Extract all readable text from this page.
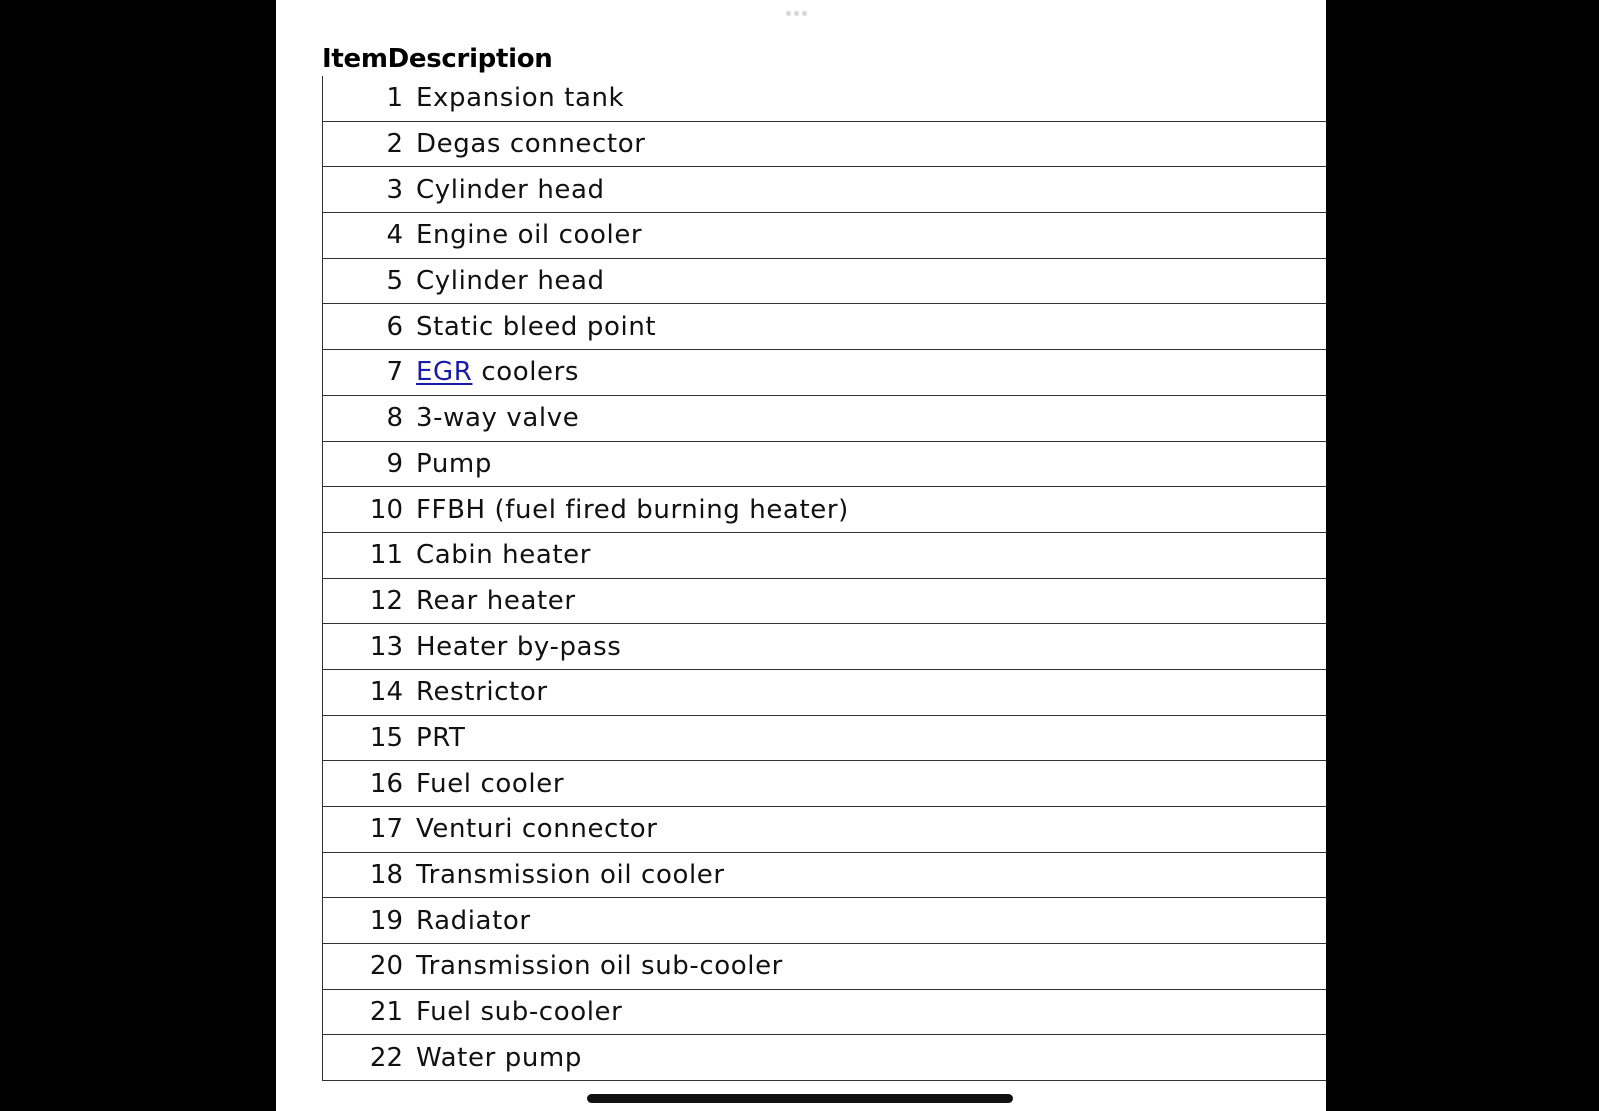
Item Description
1	Expansion tank
2	Degas connector
3	Cylinder head
4	Engine oil cooler
5	Cylinder head
6	Static bleed point
7	EGR coolers
8	3-way valve
9	Pump
10	FFBH (fuel fired burning heater)
11	Cabin heater
12	Rear heater
13	Heater by-pass
14	Restrictor
15	PRT
16	Fuel cooler
17	Venturi connector
18	Transmission oil cooler
19	Radiator
20	Transmission oil sub-cooler
21	Fuel sub-cooler
22	Water pump
